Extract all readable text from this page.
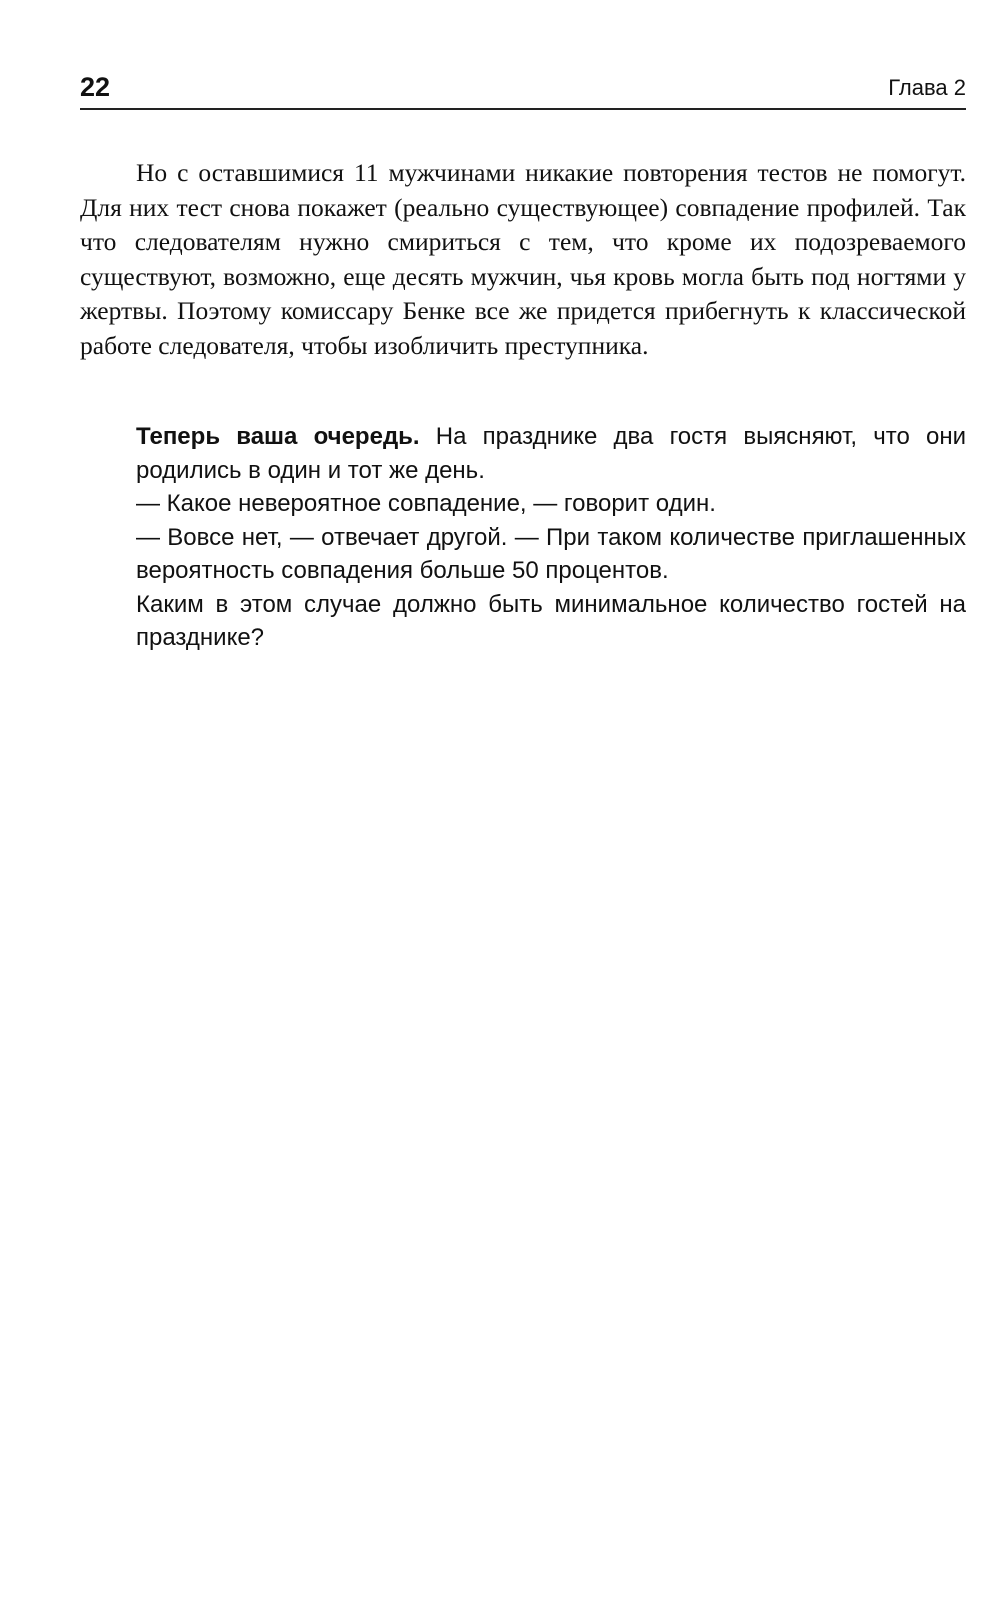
22	Глава 2

Но с оставшимися 11 мужчинами никакие повторения тестов не помогут. Для них тест снова покажет (реально существующее) совпадение профилей. Так что следователям нужно смириться с тем, что кроме их подозреваемого существуют, возможно, еще десять мужчин, чья кровь могла быть под ногтями у жертвы. Поэтому комиссару Бенке все же придется прибегнуть к классической работе следователя, чтобы изобличить преступника.

Теперь ваша очередь. На празднике два гостя выясняют, что они родились в один и тот же день.

— Какое невероятное совпадение, — говорит один.

— Вовсе нет, — отвечает другой. — При таком количестве приглашенных вероятность совпадения больше 50 процентов.

Каким в этом случае должно быть минимальное количество гостей на празднике?
